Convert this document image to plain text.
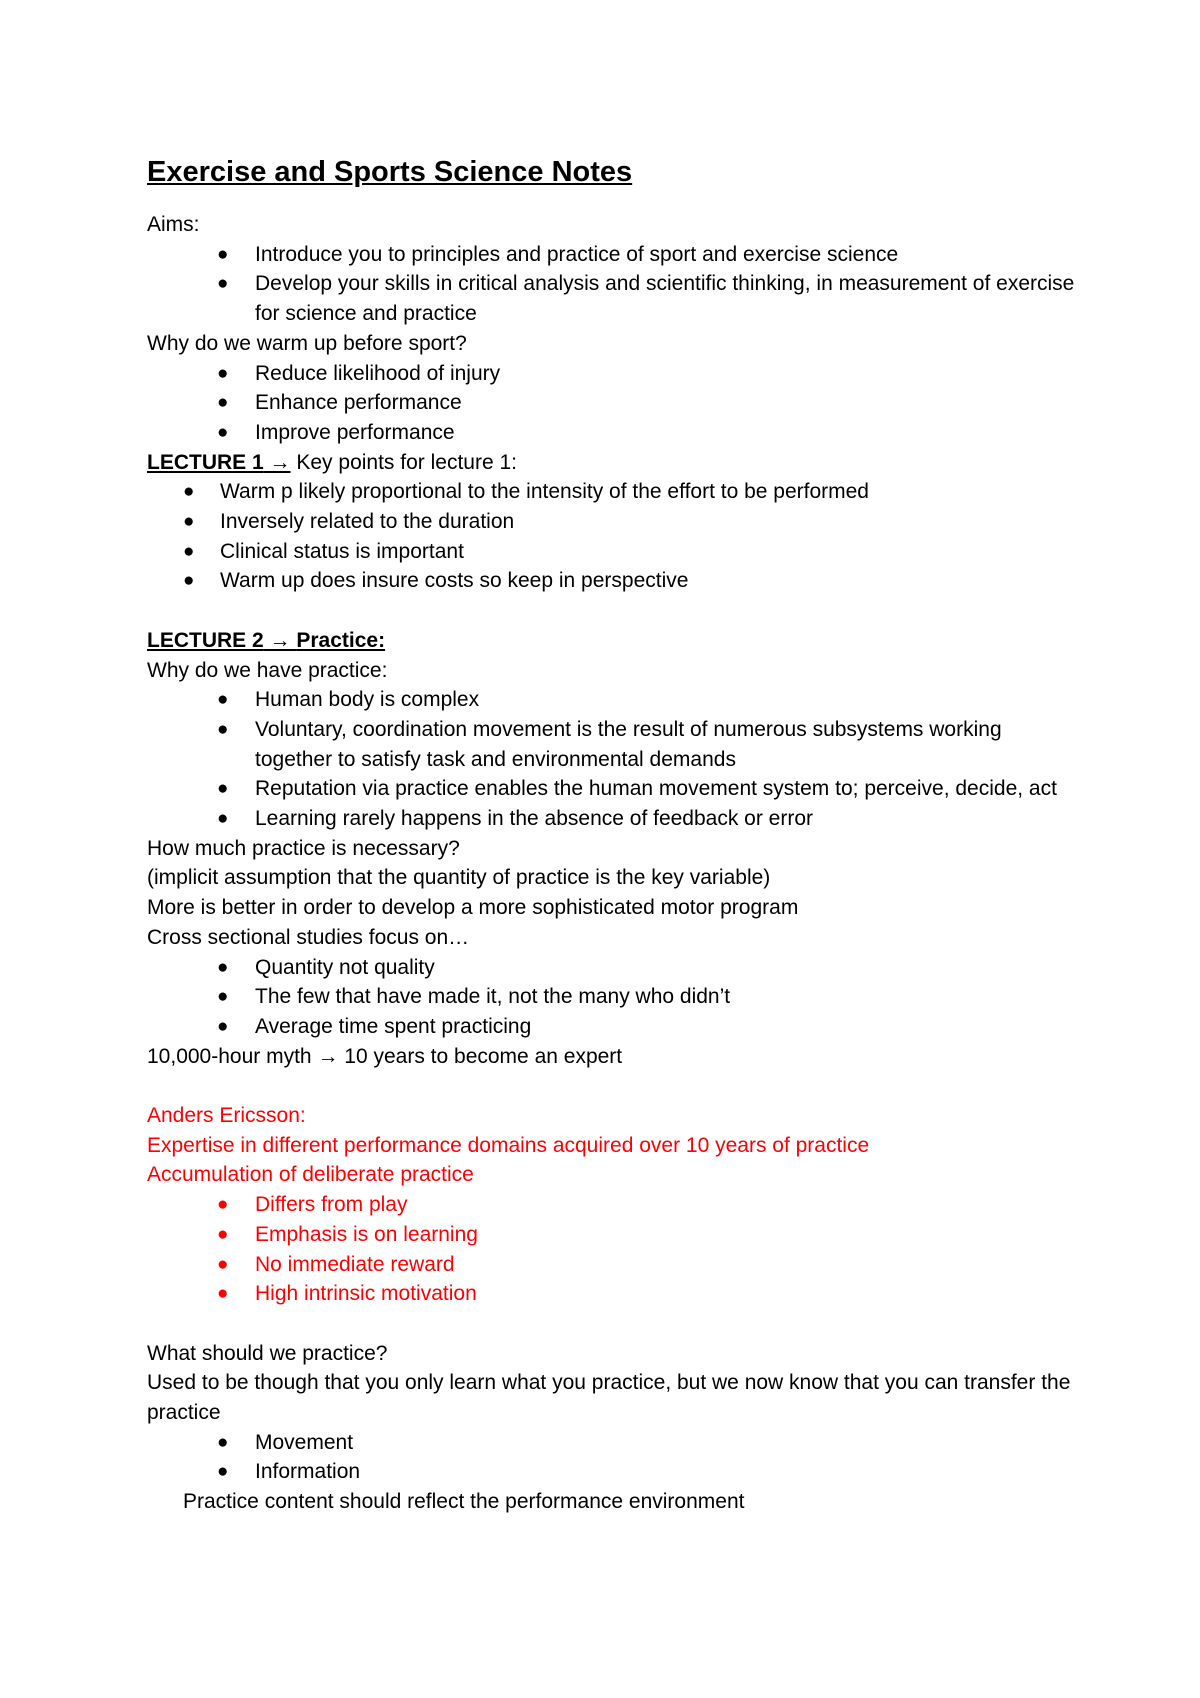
Exercise and Sports Science Notes
Aims:
● Introduce you to principles and practice of sport and exercise science
● Develop your skills in critical analysis and scientific thinking, in measurement of exercise for science and practice
Why do we warm up before sport?
● Reduce likelihood of injury
● Enhance performance
● Improve performance
LECTURE 1 → Key points for lecture 1:
● Warm p likely proportional to the intensity of the effort to be performed
● Inversely related to the duration
● Clinical status is important
● Warm up does insure costs so keep in perspective
LECTURE 2 → Practice:
Why do we have practice:
● Human body is complex
● Voluntary, coordination movement is the result of numerous subsystems working together to satisfy task and environmental demands
● Reputation via practice enables the human movement system to; perceive, decide, act
● Learning rarely happens in the absence of feedback or error
How much practice is necessary?
(implicit assumption that the quantity of practice is the key variable)
More is better in order to develop a more sophisticated motor program
Cross sectional studies focus on…
● Quantity not quality
● The few that have made it, not the many who didn’t
● Average time spent practicing
10,000-hour myth → 10 years to become an expert
Anders Ericsson:
Expertise in different performance domains acquired over 10 years of practice
Accumulation of deliberate practice
● Differs from play
● Emphasis is on learning
● No immediate reward
● High intrinsic motivation
What should we practice?
Used to be though that you only learn what you practice, but we now know that you can transfer the practice
● Movement
● Information
Practice content should reflect the performance environment
